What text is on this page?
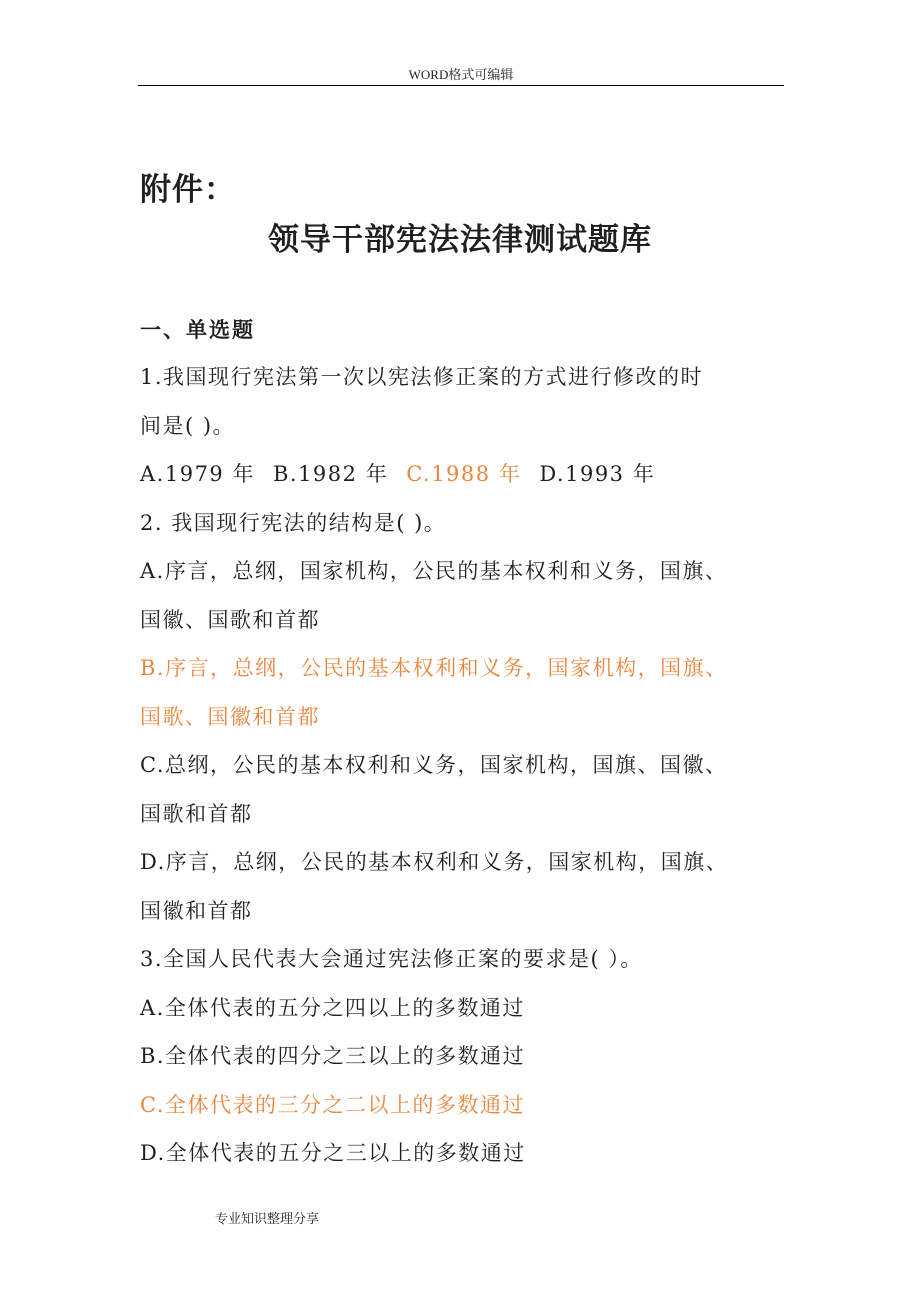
WORD格式可编辑
附件：
领导干部宪法法律测试题库
一、单选题
1.我国现行宪法第一次以宪法修正案的方式进行修改的时
间是( )。
A.1979 年 B.1982 年 C.1988 年 D.1993 年
2. 我国现行宪法的结构是( )。
A.序言，总纲，国家机构，公民的基本权利和义务，国旗、
国徽、国歌和首都
B.序言，总纲，公民的基本权利和义务，国家机构，国旗、
国歌、国徽和首都
C.总纲，公民的基本权利和义务，国家机构，国旗、国徽、
国歌和首都
D.序言，总纲，公民的基本权利和义务，国家机构，国旗、
国徽和首都
3.全国人民代表大会通过宪法修正案的要求是( ）。
A.全体代表的五分之四以上的多数通过
B.全体代表的四分之三以上的多数通过
C.全体代表的三分之二以上的多数通过
D.全体代表的五分之三以上的多数通过
专业知识整理分享
